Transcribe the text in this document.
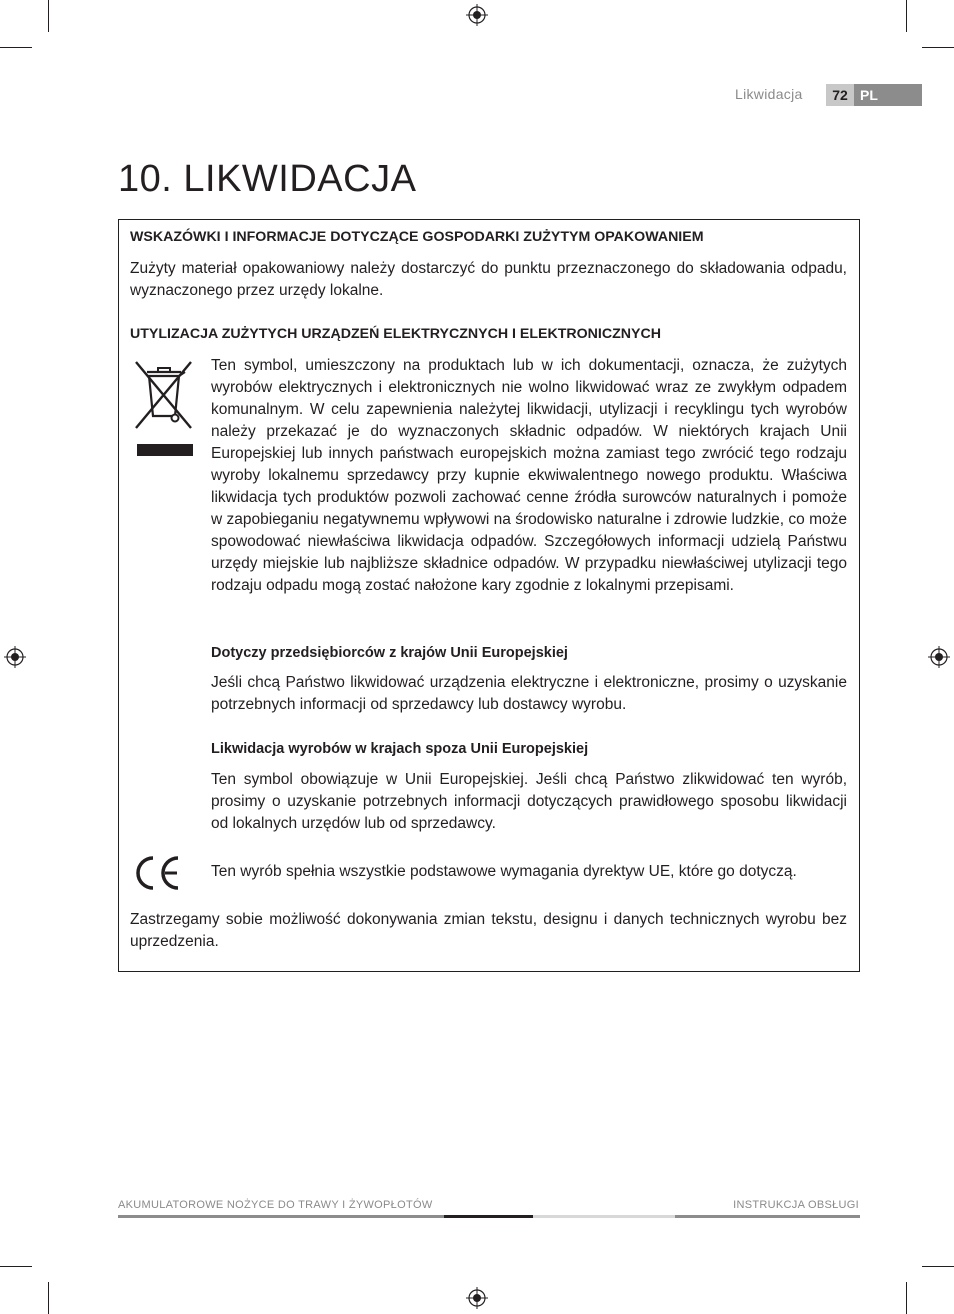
Likwidacja	72 PL
10. LIKWIDACJA
WSKAZÓWKI I INFORMACJE DOTYCZĄCE GOSPODARKI ZUŻYTYM OPAKOWANIEM

Zużyty materiał opakowaniowy należy dostarczyć do punktu przeznaczonego do składowania odpadu, wyznaczonego przez urzędy lokalne.

UTYLIZACJA ZUŻYTYCH URZĄDZEŃ ELEKTRYCZNYCH I ELEKTRONICZNYCH

Ten symbol, umieszczony na produktach lub w ich dokumentacji, oznacza, że zużytych wyrobów elektrycznych i elektronicznych nie wolno likwidować wraz ze zwykłym odpadem komunalnym. W celu zapewnienia należytej likwidacji, utylizacji i recyklingu tych wyrobów należy przekazać je do wyznaczonych składnic odpadów. W niektórych krajach Unii Europejskiej lub innych państwach europejskich można zamiast tego zwrócić tego rodzaju wyroby lokalnemu sprzedawcy przy kupnie ekwiwalentnego nowego produktu. Właściwa likwidacja tych produktów pozwoli zachować cenne źródła surowców naturalnych i pomoże w zapobieganiu negatywnemu wpływowi na środowisko naturalne i zdrowie ludzkie, co może spowodować niewłaściwa likwidacja odpadów. Szczegółowych informacji udzielą Państwu urzędy miejskie lub najbliższe składnice odpadów. W przypadku niewłaściwej utylizacji tego rodzaju odpadu mogą zostać nałożone kary zgodnie z lokalnymi przepisami.

Dotyczy przedsiębiorców z krajów Unii Europejskiej

Jeśli chcą Państwo likwidować urządzenia elektryczne i elektroniczne, prosimy o uzyskanie potrzebnych informacji od sprzedawcy lub dostawcy wyrobu.

Likwidacja wyrobów w krajach spoza Unii Europejskiej

Ten symbol obowiązuje w Unii Europejskiej. Jeśli chcą Państwo zlikwidować ten wyrób, prosimy o uzyskanie potrzebnych informacji dotyczących prawidłowego sposobu likwidacji od lokalnych urzędów lub od sprzedawcy.

Ten wyrób spełnia wszystkie podstawowe wymagania dyrektyw UE, które go dotyczą.

Zastrzegamy sobie możliwość dokonywania zmian tekstu, designu i danych technicznych wyrobu bez uprzedzenia.

AKUMULATOROWE NOŻYCE DO TRAWY I ŻYWOPŁOTÓW	INSTRUKCJA OBSŁUGI
